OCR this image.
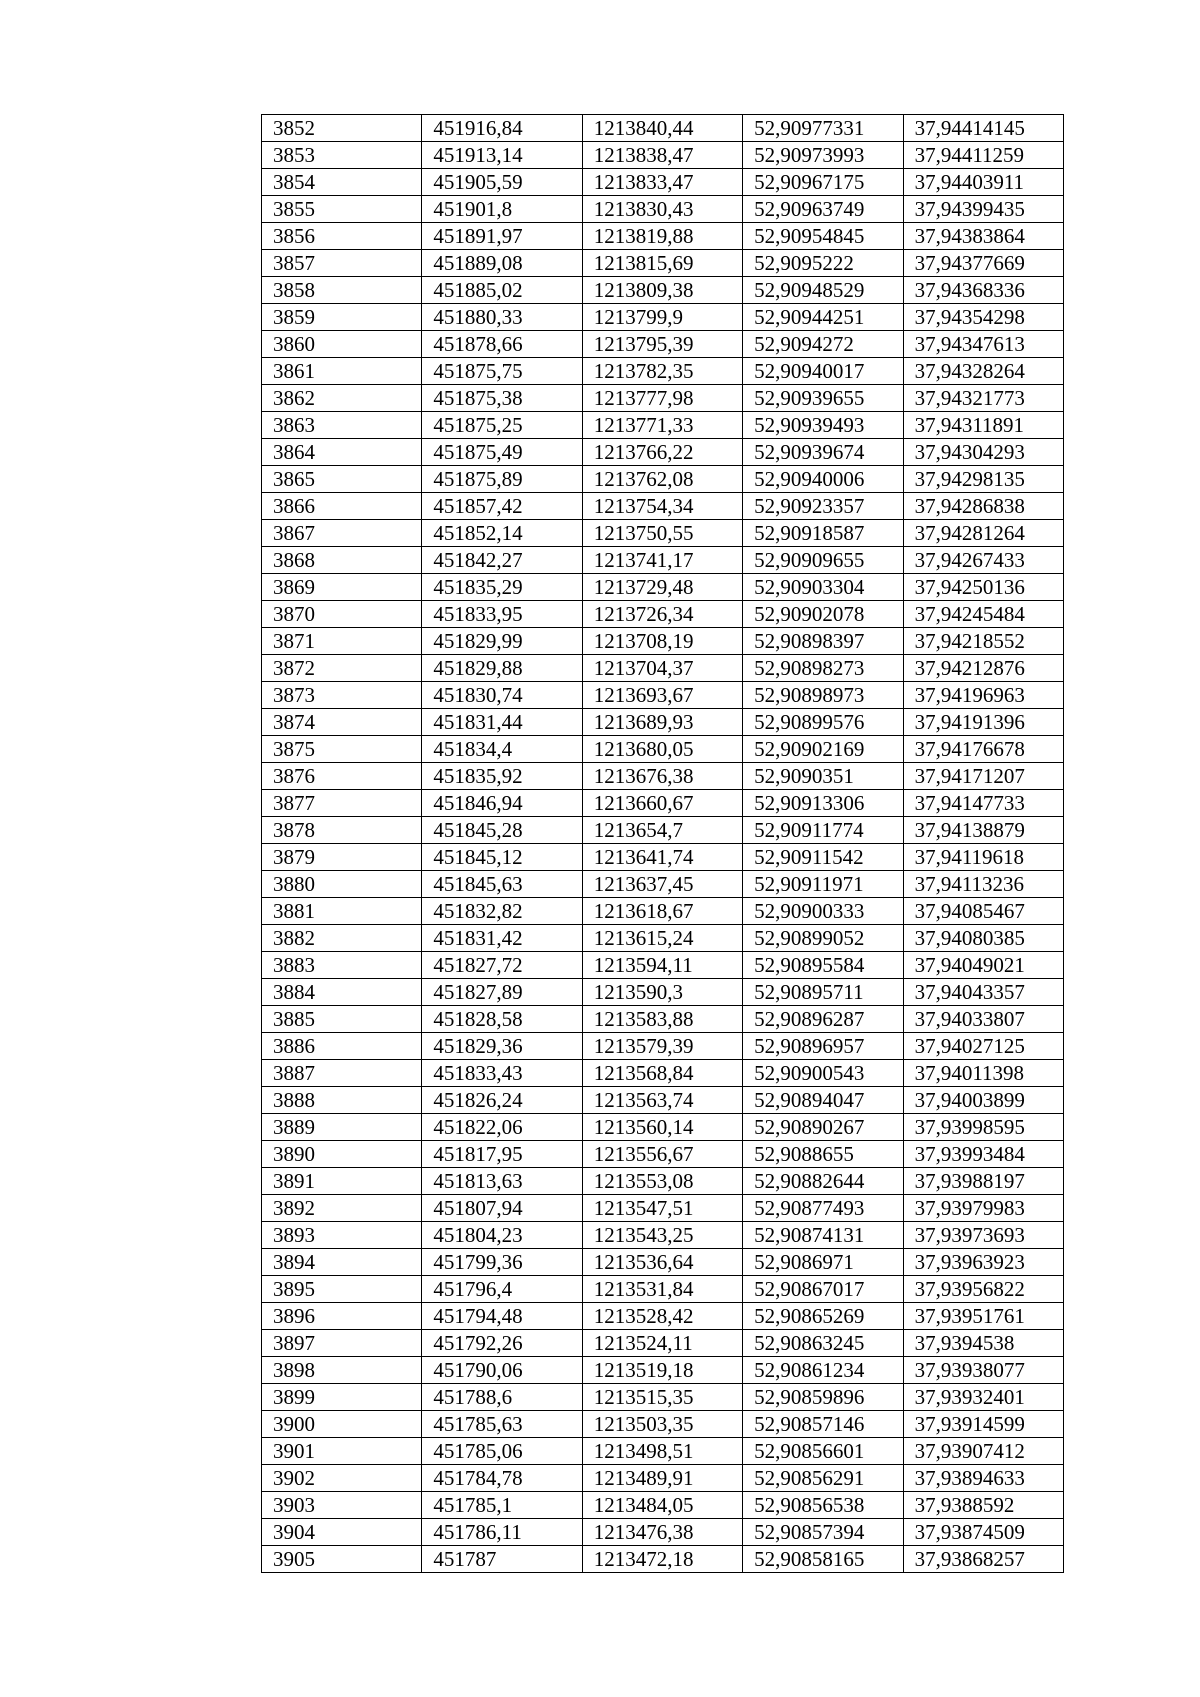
3852	451916,84	1213840,44	52,90977331	37,94414145
3853	451913,14	1213838,47	52,90973993	37,94411259
3854	451905,59	1213833,47	52,90967175	37,94403911
3855	451901,8	1213830,43	52,90963749	37,94399435
3856	451891,97	1213819,88	52,90954845	37,94383864
3857	451889,08	1213815,69	52,9095222	37,94377669
3858	451885,02	1213809,38	52,90948529	37,94368336
3859	451880,33	1213799,9	52,90944251	37,94354298
3860	451878,66	1213795,39	52,9094272	37,94347613
3861	451875,75	1213782,35	52,90940017	37,94328264
3862	451875,38	1213777,98	52,90939655	37,94321773
3863	451875,25	1213771,33	52,90939493	37,94311891
3864	451875,49	1213766,22	52,90939674	37,94304293
3865	451875,89	1213762,08	52,90940006	37,94298135
3866	451857,42	1213754,34	52,90923357	37,94286838
3867	451852,14	1213750,55	52,90918587	37,94281264
3868	451842,27	1213741,17	52,90909655	37,94267433
3869	451835,29	1213729,48	52,90903304	37,94250136
3870	451833,95	1213726,34	52,90902078	37,94245484
3871	451829,99	1213708,19	52,90898397	37,94218552
3872	451829,88	1213704,37	52,90898273	37,94212876
3873	451830,74	1213693,67	52,90898973	37,94196963
3874	451831,44	1213689,93	52,90899576	37,94191396
3875	451834,4	1213680,05	52,90902169	37,94176678
3876	451835,92	1213676,38	52,9090351	37,94171207
3877	451846,94	1213660,67	52,90913306	37,94147733
3878	451845,28	1213654,7	52,90911774	37,94138879
3879	451845,12	1213641,74	52,90911542	37,94119618
3880	451845,63	1213637,45	52,90911971	37,94113236
3881	451832,82	1213618,67	52,90900333	37,94085467
3882	451831,42	1213615,24	52,90899052	37,94080385
3883	451827,72	1213594,11	52,90895584	37,94049021
3884	451827,89	1213590,3	52,90895711	37,94043357
3885	451828,58	1213583,88	52,90896287	37,94033807
3886	451829,36	1213579,39	52,90896957	37,94027125
3887	451833,43	1213568,84	52,90900543	37,94011398
3888	451826,24	1213563,74	52,90894047	37,94003899
3889	451822,06	1213560,14	52,90890267	37,93998595
3890	451817,95	1213556,67	52,9088655	37,93993484
3891	451813,63	1213553,08	52,90882644	37,93988197
3892	451807,94	1213547,51	52,90877493	37,93979983
3893	451804,23	1213543,25	52,90874131	37,93973693
3894	451799,36	1213536,64	52,9086971	37,93963923
3895	451796,4	1213531,84	52,90867017	37,93956822
3896	451794,48	1213528,42	52,90865269	37,93951761
3897	451792,26	1213524,11	52,90863245	37,9394538
3898	451790,06	1213519,18	52,90861234	37,93938077
3899	451788,6	1213515,35	52,90859896	37,93932401
3900	451785,63	1213503,35	52,90857146	37,93914599
3901	451785,06	1213498,51	52,90856601	37,93907412
3902	451784,78	1213489,91	52,90856291	37,93894633
3903	451785,1	1213484,05	52,90856538	37,9388592
3904	451786,11	1213476,38	52,90857394	37,93874509
3905	451787	1213472,18	52,90858165	37,93868257
